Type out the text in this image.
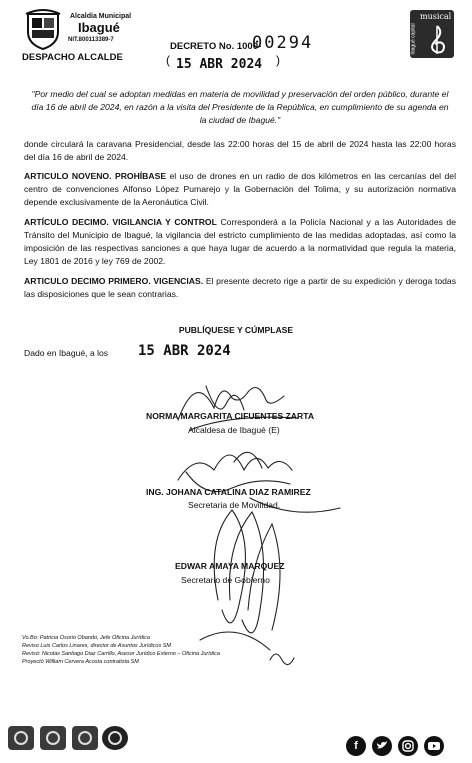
Alcaldía Municipal
Ibagué
NIT.800113389-7
DESPACHO ALCALDE
DECRETO No. 1000-
00294
( 15 ABR 2024 )
musical
Ibagué capital
"Por medio del cual se adoptan medidas en materia de movilidad y preservación del orden público, durante el día 16 de abril de 2024, en razón a la visita del Presidente de la República, en cumplimiento de su agenda en la ciudad de Ibagué."
donde circulará la caravana Presidencial, desde las 22:00 horas del 15 de abril de 2024 hasta las 22:00 horas del día 16 de abril de 2024.
ARTICULO NOVENO. PROHÍBASE el uso de drones en un radio de dos kilómetros en las cercanías del del centro de convenciones Alfonso López Pumarejo y la Gobernación del Tolima, y su autorización normativa depende exclusivamente de la Aeronáutica Civil.
ARTÍCULO DECIMO. VIGILANCIA Y CONTROL Corresponderá a la Policía Nacional y a las Autoridades de Tránsito del Municipio de Ibagué, la vigilancia del estricto cumplimiento de las medidas adoptadas, así como la imposición de las respectivas sanciones a que haya lugar de acuerdo a la normatividad que regula la materia, Ley 1801 de 2016 y ley 769 de 2002.
ARTICULO DECIMO PRIMERO. VIGENCIAS. El presente decreto rige a partir de su expedición y deroga todas las disposiciones que le sean contrarias.
PUBLÍQUESE Y CÚMPLASE
Dado en Ibagué, a los 15 ABR 2024
NORMA MARGARITA CIFUENTES ZARTA
Alcaldesa de Ibagué (E)
ING. JOHANA CATALINA DIAZ RAMIREZ
Secretaria de Movilidad.
EDWAR AMAYA MARQUEZ
Secretario de Gobierno
Vo.Bo: Patricia Osorio Obando, Jefe Oficina Jurídica
Reviso Luis Carlos Linares, director de Asuntos Jurídicos SM
Revisó: Nicolas Santiago Diaz Carrillo, Asesor Jurídico Externo – Oficina Jurídica
Proyectó William Cervera Acosta contratista SM
f
